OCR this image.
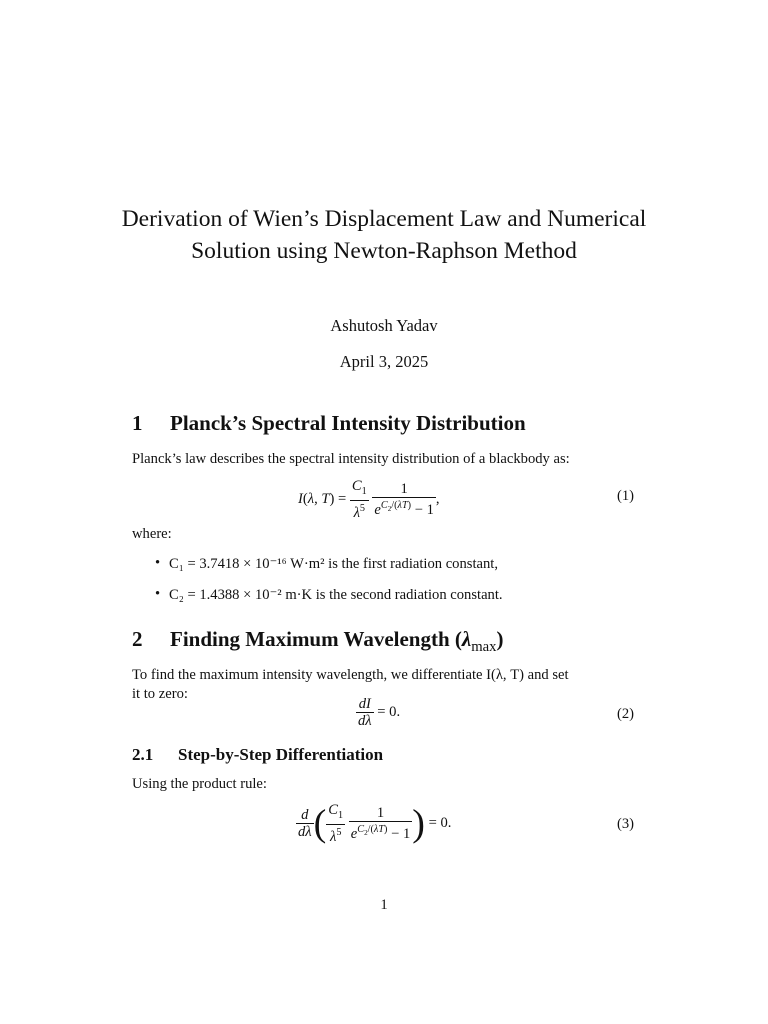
Derivation of Wien’s Displacement Law and Numerical Solution using Newton-Raphson Method
Ashutosh Yadav
April 3, 2025
1 Planck’s Spectral Intensity Distribution
Planck’s law describes the spectral intensity distribution of a blackbody as:
I(λ, $T) = \frac{C_1}{\lambda^5}$
$\frac{1}{e^{C_2/(\lambda T)} - 1}$ ,	(1)
where:
• C₁ = 3.7418 × 10⁻¹⁶ W·m² is the first radiation constant,
• C₂ = 1.4388 × 10⁻² m·K is the second radiation constant.
2 Finding Maximum Wavelength $(\lambda_{max})$
To find the maximum intensity wavelength, we differentiate I(λ, T) and set
it to zero:
$\frac{dI}{d\lambda} = 0$.	(2)
2.1 Step-by-Step Differentiation
Using the product rule:
$\frac{d}{d\lambda}$ ( $\frac{C_1}{\lambda^5}$
$\frac{1}{e^{C_2/(\lambda T)} - 1}$ ) = 0.	(3)
1
